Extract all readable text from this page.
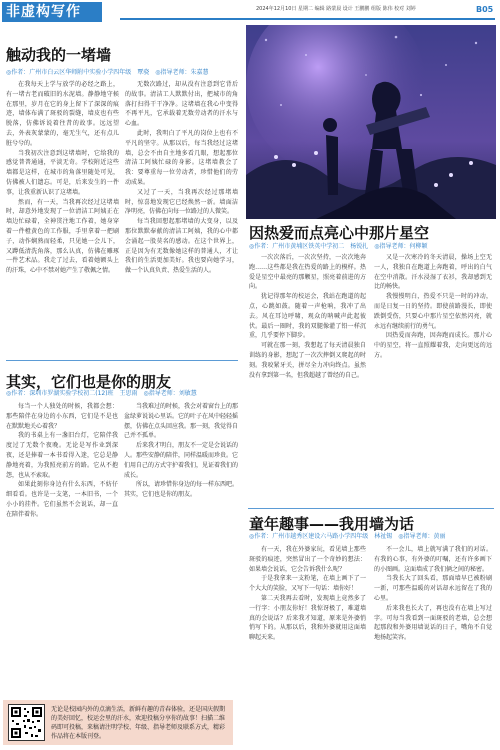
非虚构写作	2024年12月10日 星期二 编辑 路蒙晨 设计 王鹏鹏 组版 陈伟 校对 刘婷	B05
触动我的一堵墙
◎作者：广州市白云区华师附中实验小学四年级　覃骁　◎指导老师：朱嘉慧

在我每天上学与放学的必经之路上，有一堵古老而破旧的水泥墙。静静地守候在那里，岁月在它的身上留下了深深的痕迹，墙体布满了斑驳的裂缝，墙皮也有些脱落，仿佛诉说着往昔的故事。远远望去，外表灰蒙蒙的，毫无生气，还有点儿脏兮兮的。

当我初次注意到这堵墙时，它给我的感觉普普通通，平淡无奇。学校附近这些墙都是这样，在城市的角落里随处可见，仿佛被人们遗忘。可是，后来发生的一件事，让我重新认识了这堵墙。

然而，有一天，当我再次经过这堵墙时，却意外地发现了一位清洁工阿姨正在墙边忙碌着，全神贯注地工作着，她身穿着一件橙黄色的工作服，手里拿着一把刷子，动作娴熟而轻柔，只见她一会儿下，又蹲低清洗角落，那么认真，仿佛在雕琢一件艺术品。我走了过去，看着她额头上的汗珠，心中不禁对她产生了敬佩之情。

无数次路过，却从没有注意到它背后的故事。清洁工人默默付出，把城市的角落打扫得干干净净。这堵墙在我心中变得不再平凡，它承载着无数劳动者的汗水与心血。

此时，我明白了平凡的岗位上也有不平凡的坚守。从那以后，每当我经过这堵墙，总会不由自主地多看几眼，想起那位清洁工阿姨忙碌的身影。这堵墙教会了我：要尊重每一位劳动者，珍惜他们的劳动成果。

又过了一天，当我再次经过那堵墙时，惊喜地发现它已经焕然一新。墙面洁净明亮，仿佛在向每一位路过的人微笑。

每当我回想起那堵墙的大变身，以及那位默默奉献的清洁工阿姨，我的心中都会涌起一股莫名的感动。在这个世界上，正是因为有无数像她这样的普通人，才让我们的生活更加美好。我也要向她学习，做一个认真负责、热爱生活的人。

因热爱而点亮心中那片星空
◎作者：广州市黄埔区铁英中学初二　杨锐扎　◎指导老师：何柳颖

一次次落后，一次次坚持，一次次地奔跑……这些都是我在热爱的路上的模样。热爱是星空中最亮的那颗星，照亮着前进的方向。

犹记得那年的校运会，我站在跑道的起点，心跳如鼓。随着一声枪响，我冲了出去。风在耳边呼啸，观众的呐喊声此起彼伏。最后一圈时，我的双腿像灌了铅一样沉重，几乎要停下脚步。

可就在那一刻，我想起了每天清晨独自训练的身影，想起了一次次摔倒又爬起的时刻。我咬紧牙关，拼尽全力冲向终点。虽然没有拿到第一名，但我超越了曾经的自己。

又是一次寒冷的冬天清晨，操场上空无一人，我独自在跑道上奔跑着，呼出的白气在空中消散。汗水浸湿了衣衫，我却感到无比的畅快。

我慢慢明白，热爱不只是一时的冲动，而是日复一日的坚持。即使前路漫长，即使跌倒受伤，只要心中那片星空依然闪亮，就永远有继续前行的勇气。

因热爱而奔跑，因奔跑而成长。那片心中的星空，将一直照耀着我，走向更远的远方。

其实，它们也是你的朋友
◎作者：深圳市罗湖实验学校初二(12)班　王思雨　◎指导老师：刘敏慧

每当一个人独处的时候，我都会想：那些陪伴在身边的小东西，它们是不是也在默默地关心着我？

我的书桌上有一盏旧台灯，它陪伴我度过了无数个夜晚。无论是写作业到深夜，还是捧着一本书看得入迷，它总是静静地亮着，为我照亮前方的路。它从不抱怨，也从不索取。

如果此刻你身边有什么东西，不妨仔细看看。也许是一支笔，一本旧书，一个小小的挂件。它们虽然不会说话，却一直在陪伴着你。

当我难过的时候，我会对着窗台上的那盆绿萝说说心里话。它的叶子在风中轻轻摇摆，仿佛在点头回应我。那一刻，我觉得自己并不孤单。

后来我才明白，朋友不一定是会说话的人。那些安静的陪伴，同样温暖而珍贵。它们用自己的方式守护着我们，见证着我们的成长。

所以，请珍惜你身边的每一样东西吧。其实，它们也是你的朋友。

童年趣事——我用墙为话
◎作者：广州市越秀区建设六马路小学四年级　林祉锡　◎指导老师：黄丽

有一天，我在外婆家玩，看见墙上那些斑驳的痕迹，突然冒出了一个奇妙的想法：如果墙会说话，它会告诉我什么呢？

于是我拿来一支粉笔，在墙上画下了一个大大的笑脸，又写下一句话：墙你好！

第二天我再去看时，发现墙上竟然多了一行字：小朋友你好！我惊讶极了，难道墙真的会说话？后来我才知道，原来是外婆悄悄写下的。从那以后，我和外婆就用这面墙聊起天来。

不一会儿，墙上就写满了我们的对话。有我的心事，有外婆的叮嘱，还有许多画下的小图画。这面墙成了我们俩之间的秘密。

当我长大了回头看，那面墙早已被粉刷一新，可那些温暖的对话却永远留在了我的心里。

后来我也长大了，再也没有在墙上写过字。可每当我看到一面斑驳的老墙，总会想起那段和外婆用墙说话的日子，嘴角不自觉地扬起笑容。

无论是校园内外的点滴生活，新鲜有趣的青春体验，还是国庆假期的美好回忆，校运会里的汗水，欢迎投稿分享你的故事！扫描二维码即可投稿，来稿请注明学校、年级、指导老师及联系方式，精彩作品将在本版刊登。
